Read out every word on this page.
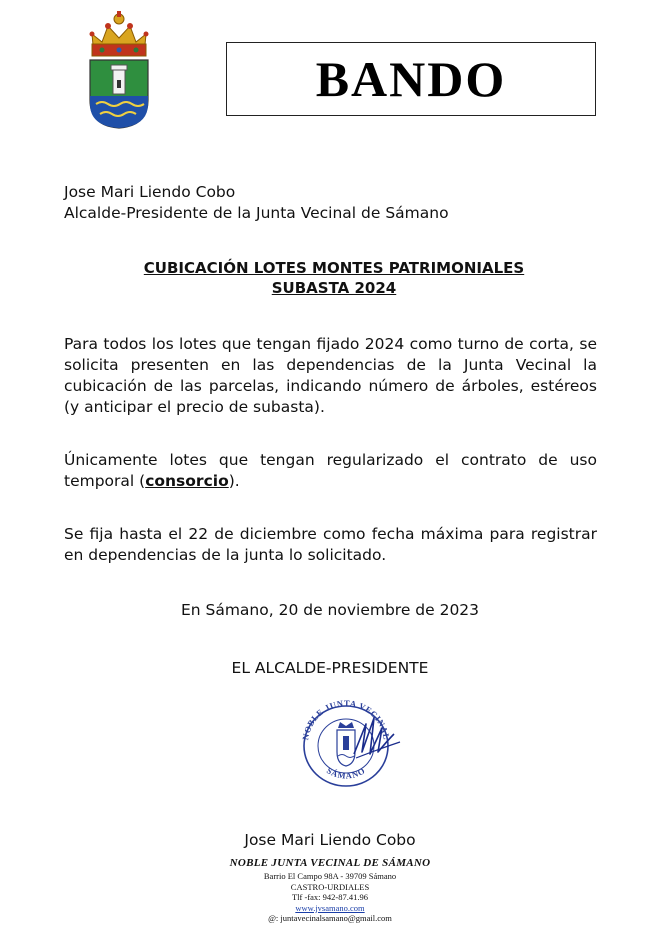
BANDO
Jose Mari Liendo Cobo
Alcalde-Presidente de la Junta Vecinal de Sámano
CUBICACIÓN LOTES MONTES PATRIMONIALES
SUBASTA 2024
Para todos los lotes que tengan fijado 2024 como turno de corta, se solicita presenten en las dependencias de la Junta Vecinal la cubicación de las parcelas, indicando número de árboles, estéreos (y anticipar el precio de subasta).
Únicamente lotes que tengan regularizado el contrato de uso temporal (consorcio).
Se fija hasta el 22 de diciembre como fecha máxima para registrar en dependencias de la junta lo solicitado.
En Sámano, 20 de noviembre de 2023
EL ALCALDE-PRESIDENTE
NOBLE JUNTA VECINAL
SÁMANO
Jose Mari Liendo Cobo
NOBLE JUNTA VECINAL DE SÁMANO
Barrio El Campo 98A - 39709 Sámano
CASTRO-URDIALES
Tlf -fax: 942-87.41.96
www.jvsamano.com
@: juntavecinalsamano@gmail.com
